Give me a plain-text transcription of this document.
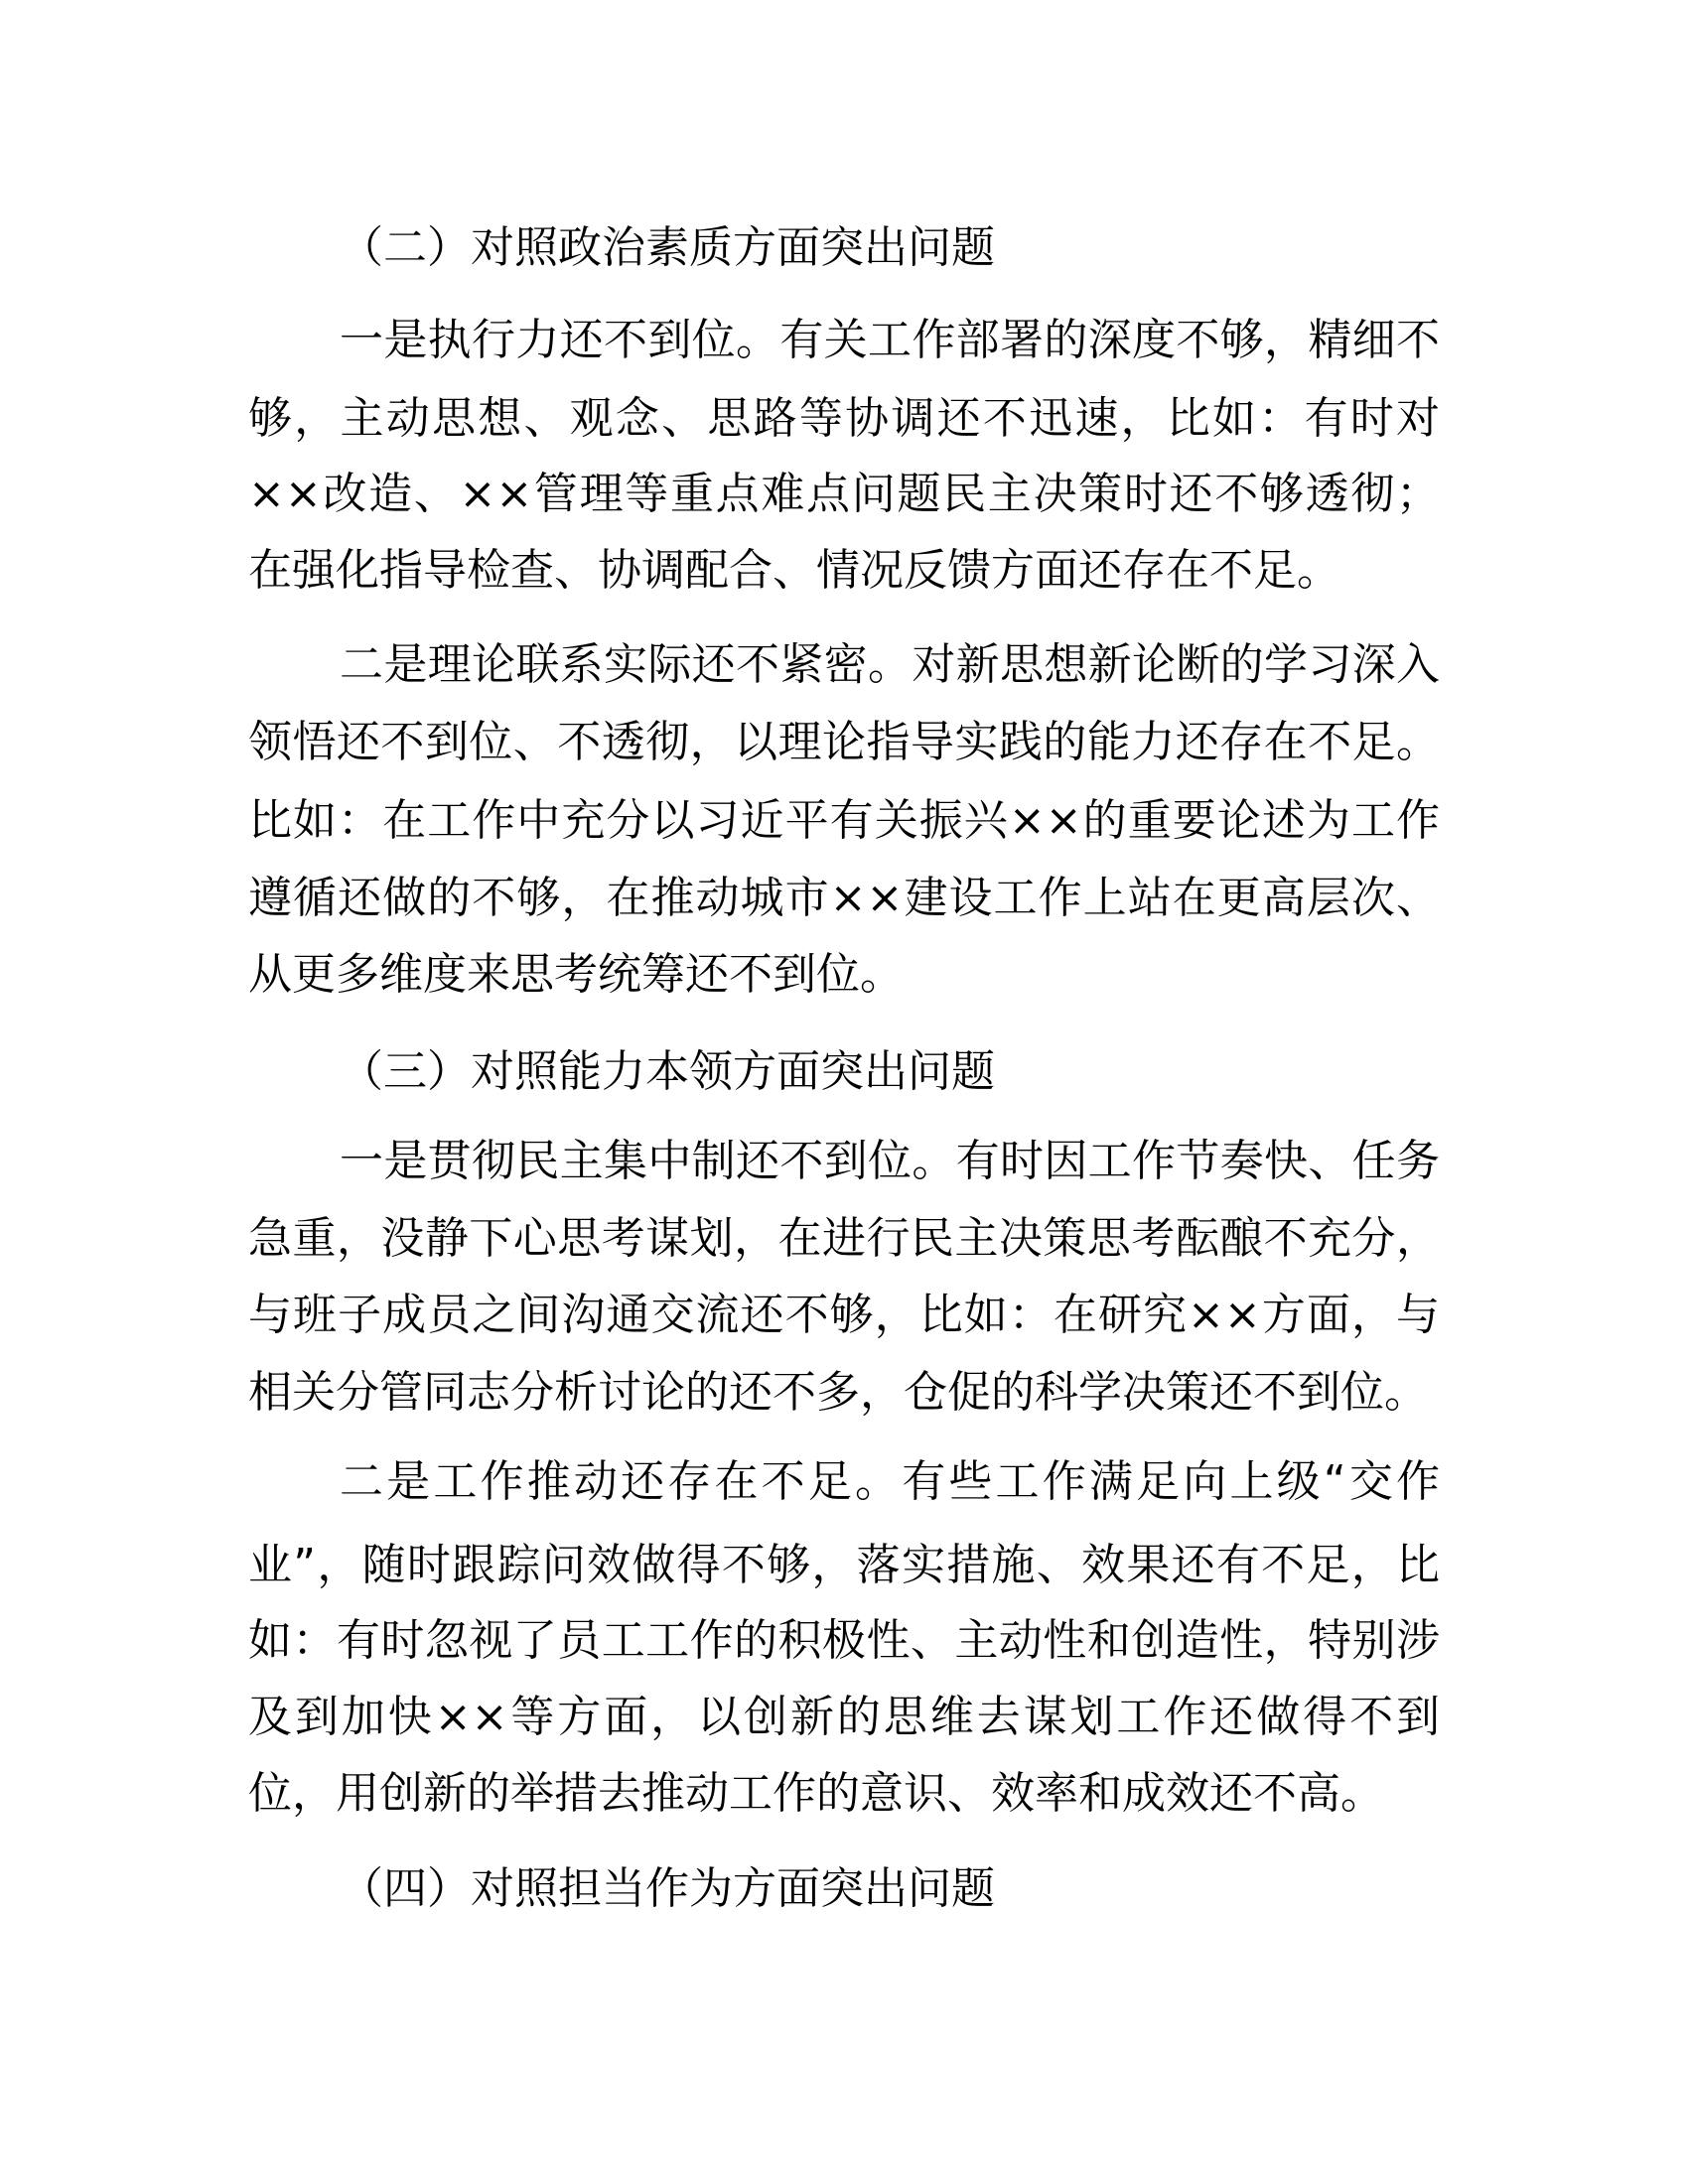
（二）对照政治素质方面突出问题
一是执行力还不到位。有关工作部署的深度不够，精细不
够，主动思想、观念、思路等协调还不迅速，比如：有时对
××改造、××管理等重点难点问题民主决策时还不够透彻；
在强化指导检查、协调配合、情况反馈方面还存在不足。
二是理论联系实际还不紧密。对新思想新论断的学习深入
领悟还不到位、不透彻，以理论指导实践的能力还存在不足。
比如：在工作中充分以习近平有关振兴××的重要论述为工作
遵循还做的不够，在推动城市××建设工作上站在更高层次、
从更多维度来思考统筹还不到位。
（三）对照能力本领方面突出问题
一是贯彻民主集中制还不到位。有时因工作节奏快、任务
急重，没静下心思考谋划，在进行民主决策思考酝酿不充分，
与班子成员之间沟通交流还不够，比如：在研究××方面，与
相关分管同志分析讨论的还不多，仓促的科学决策还不到位。
二是工作推动还存在不足。有些工作满足向上级“交作
业”，随时跟踪问效做得不够，落实措施、效果还有不足，比
如：有时忽视了员工工作的积极性、主动性和创造性，特别涉
及到加快××等方面，以创新的思维去谋划工作还做得不到
位，用创新的举措去推动工作的意识、效率和成效还不高。
（四）对照担当作为方面突出问题
